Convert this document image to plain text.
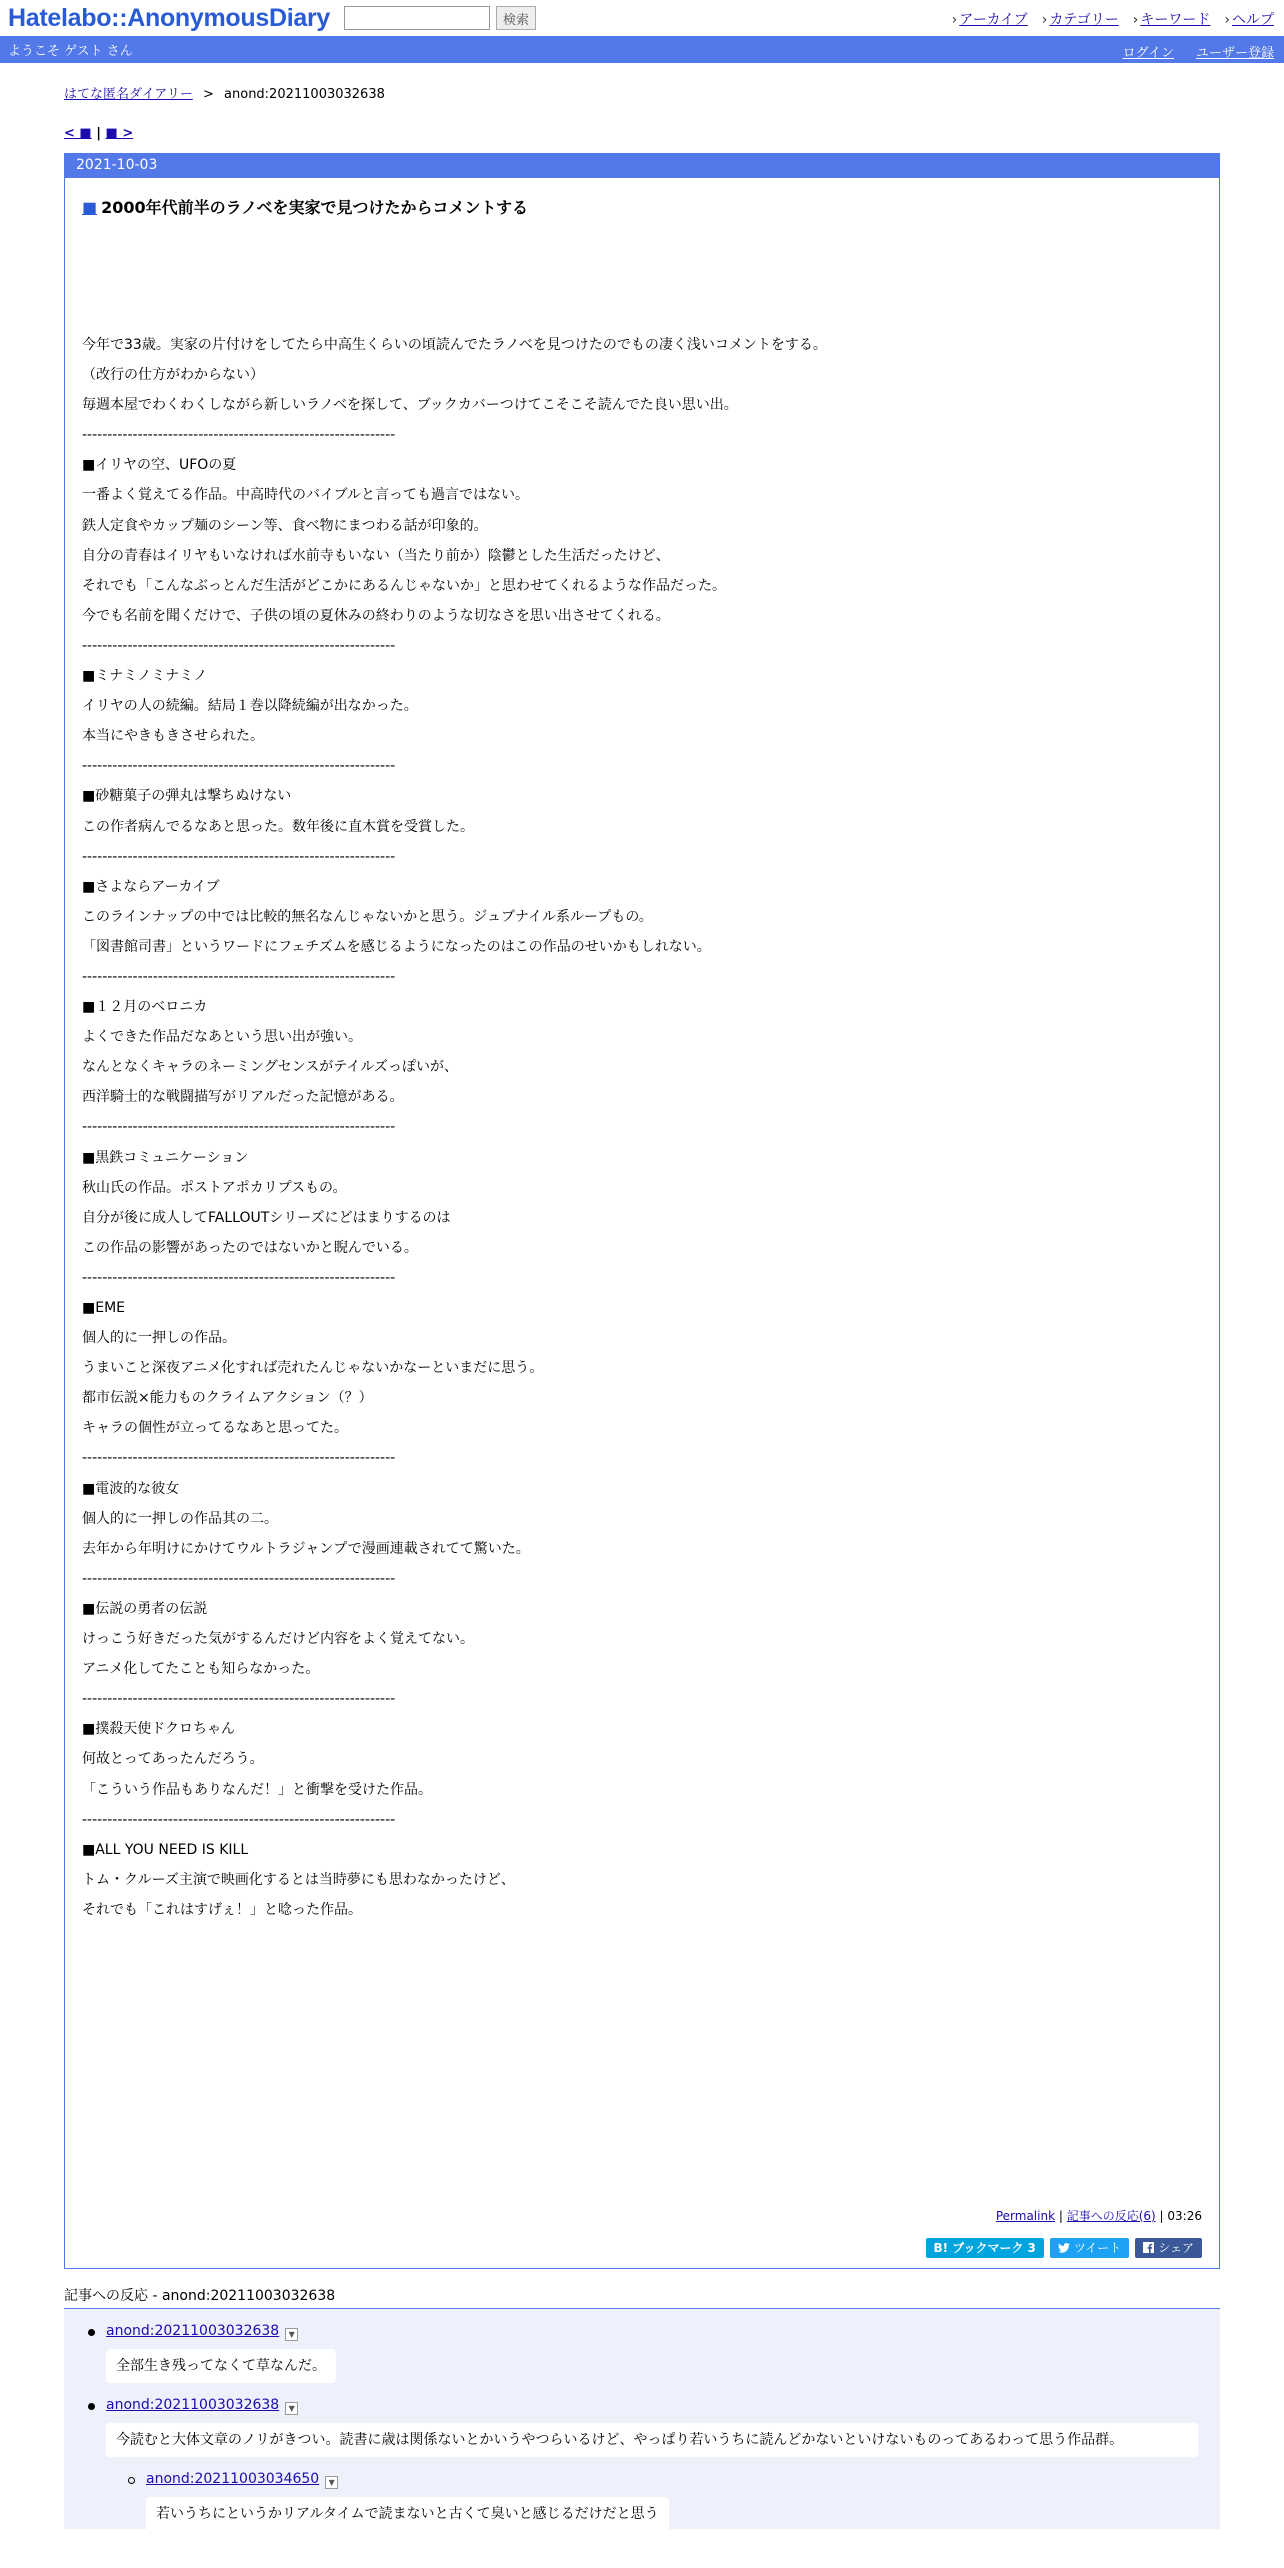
Hatelabo::AnonymousDiary	検索	› アーカイブ	› カテゴリー	› キーワード	› ヘルプ
ようこそ ゲスト さん	ログイン ユーザー登録
はてな匿名ダイアリー > anond:20211003032638
< ■ | ■ >
2021-10-03
■ 2000年代前半のラノベを実家で見つけたからコメントする

今年で33歳。実家の片付けをしてたら中高生くらいの頃読んでたラノベを見つけたのでもの凄く浅いコメントをする。

（改行の仕方がわからない）

毎週本屋でわくわくしながら新しいラノベを探して、ブックカバーつけてこそこそ読んでた良い思い出。

--------------------------------------------------------------

■イリヤの空、UFOの夏

一番よく覚えてる作品。中高時代のバイブルと言っても過言ではない。

鉄人定食やカップ麺のシーン等、食べ物にまつわる話が印象的。

自分の青春はイリヤもいなければ水前寺もいない（当たり前か）陰鬱とした生活だったけど、

それでも「こんなぶっとんだ生活がどこかにあるんじゃないか」と思わせてくれるような作品だった。

今でも名前を聞くだけで、子供の頃の夏休みの終わりのような切なさを思い出させてくれる。

--------------------------------------------------------------

■ミナミノミナミノ

イリヤの人の続編。結局１巻以降続編が出なかった。

本当にやきもきさせられた。

--------------------------------------------------------------

■砂糖菓子の弾丸は撃ちぬけない

この作者病んでるなあと思った。数年後に直木賞を受賞した。

--------------------------------------------------------------

■さよならアーカイブ

このラインナップの中では比較的無名なんじゃないかと思う。ジュブナイル系ループもの。

「図書館司書」というワードにフェチズムを感じるようになったのはこの作品のせいかもしれない。

--------------------------------------------------------------

■１２月のベロニカ

よくできた作品だなあという思い出が強い。

なんとなくキャラのネーミングセンスがテイルズっぽいが、

西洋騎士的な戦闘描写がリアルだった記憶がある。

--------------------------------------------------------------

■黒鉄コミュニケーション

秋山氏の作品。ポストアポカリプスもの。

自分が後に成人してFALLOUTシリーズにどはまりするのは

この作品の影響があったのではないかと睨んでいる。

--------------------------------------------------------------

■EME

個人的に一押しの作品。

うまいこと深夜アニメ化すれば売れたんじゃないかなーといまだに思う。

都市伝説×能力ものクライムアクション（？）

キャラの個性が立ってるなあと思ってた。

--------------------------------------------------------------

■電波的な彼女

個人的に一押しの作品其の二。

去年から年明けにかけてウルトラジャンプで漫画連載されてて驚いた。

--------------------------------------------------------------

■伝説の勇者の伝説

けっこう好きだった気がするんだけど内容をよく覚えてない。

アニメ化してたことも知らなかった。

--------------------------------------------------------------

■撲殺天使ドクロちゃん

何故とってあったんだろう。

「こういう作品もありなんだ！」と衝撃を受けた作品。

--------------------------------------------------------------

■ALL YOU NEED IS KILL

トム・クルーズ主演で映画化するとは当時夢にも思わなかったけど、

それでも「これはすげぇ！」と唸った作品。

Permalink | 記事への反応(6) | 03:26
B! ブックマーク 3	ツイート	シェア
記事への反応 - anond:20211003032638
anond:20211003032638 ▼
全部生き残ってなくて草なんだ。
anond:20211003032638 ▼

今読むと大体文章のノリがきつい。読書に歳は関係ないとかいうやつらいるけど、やっぱり若いうちに読んどかないといけないものってあるわって思う作品群。
anond:20211003034650 ▼
若いうちにというかリアルタイムで読まないと古くて臭いと感じるだけだと思う
